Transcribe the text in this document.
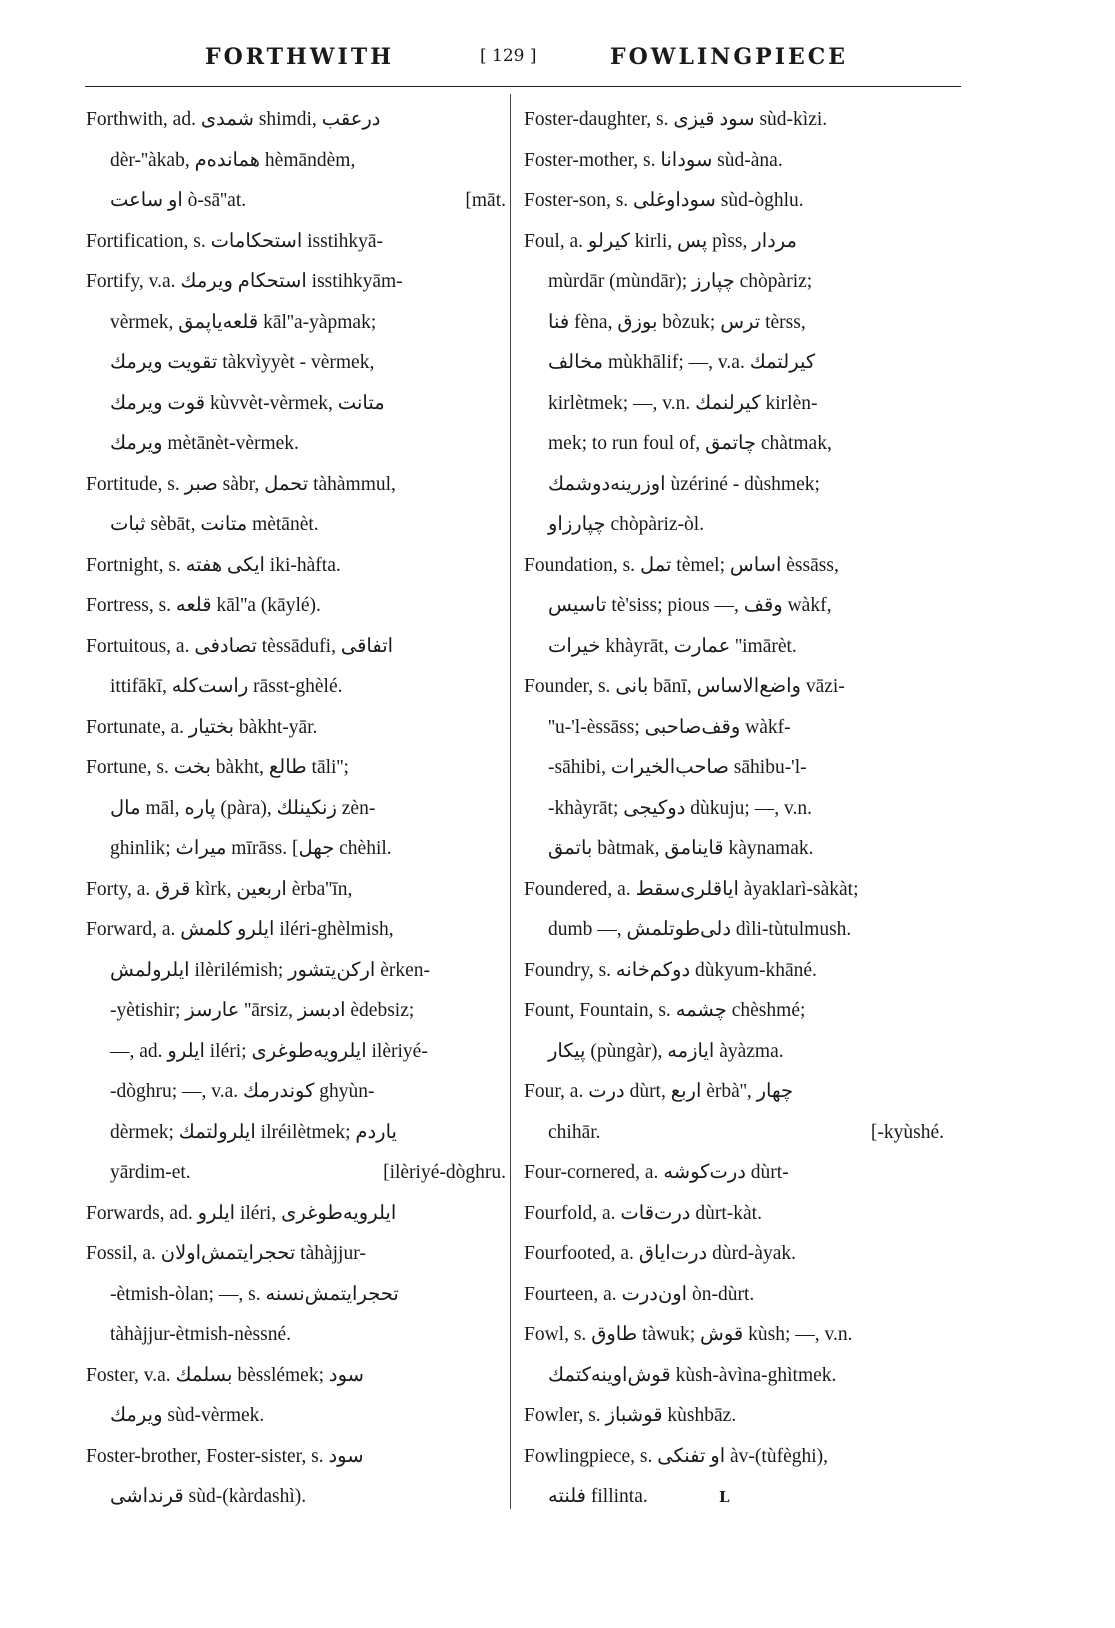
FORTHWITH	[ 129 ]	FOWLINGPIECE
Forthwith, ad. شمدی shimdi, درعقب
dèr-''àkab, همانده‌م hèmāndèm,
[māt.
او ساعت ò-sā''at.
Fortification, s. استحکامات isstihkyā-
Fortify, v.a. استحکام ویرمك isstihkyām-
vèrmek, قلعه‌یاپمق kāl''a-yàpmak;
تقویت ویرمك tàkvìyyèt - vèrmek,
قوت ویرمك kùvvèt-vèrmek, متانت
ویرمك mètānèt-vèrmek.
Fortitude, s. صبر sàbr, تحمل tàhàmmul,
ثبات sèbāt, متانت mètānèt.
Fortnight, s. ایکی هفته iki-hàfta.
Fortress, s. قلعه kāl''a (kāylé).
Fortuitous, a. تصادفی tèssādufi, اتفاقی
ittifākī, راست‌کله rāsst-ghèlé.
Fortunate, a. بختیار bàkht-yār.
Fortune, s. بخت bàkht, طالع tāli'';
مال māl, پاره (pàra), زنکینلك zèn-
ghinlik; میراث mīrāss. [جهل chèhil.
Forty, a. قرق kìrk, اربعین èrba''īn,
Forward, a. ایلرو کلمش iléri-ghèlmish,
ایلرولمش ilèrilémish; ارکن‌یتشور èrken-
-yètishir; عارسز ''ārsiz, ادبسز èdebsiz;
—, ad. ایلرو iléri; ایلرویه‌طوغری ilèriyé-
-dòghru; —, v.a. کوندرمك ghyùn-
dèrmek; ایلرولتمك ilréilètmek; یاردم
[ilèriyé-dòghru.
yārdim-et.
Forwards, ad. ایلرو iléri, ایلرویه‌طوغری
Fossil, a. تحجرایتمش‌اولان tàhàjjur-
-ètmish-òlan; —, s. تحجرایتمش‌نسنه
tàhàjjur-ètmish-nèssné.
Foster, v.a. بسلمك bèsslémek; سود
ویرمك sùd-vèrmek.
Foster-brother, Foster-sister, s. سود
قرنداشی sùd-(kàrdashì).
Foster-daughter, s. سود قیزی sùd-kìzi.
Foster-mother, s. سودانا sùd-àna.
Foster-son, s. سوداوغلی sùd-òghlu.
Foul, a. کیرلو kirli, پس pìss, مردار
mùrdār (mùndār); چپارز chòpàriz;
فنا fèna, بوزق bòzuk; ترس tèrss,
مخالف mùkhālif; —, v.a. کیرلتمك
kirlètmek; —, v.n. کیرلنمك kirlèn-
mek; to run foul of, چاتمق chàtmak,
اوزرینه‌دوشمك ùzériné - dùshmek;
چپارزاو chòpàriz-òl.
Foundation, s. تمل tèmel; اساس èssāss,
تاسیس tè'siss; pious —, وقف wàkf,
خیرات khàyrāt, عمارت ''imārèt.
Founder, s. بانی bānī, واضع‌الاساس vāzi-
''u-'l-èssāss; وقف‌صاحبی wàkf-
-sāhibi, صاحب‌الخیرات sāhibu-'l-
-khàyrāt; دوکیجی dùkuju; —, v.n.
باتمق bàtmak, قاینامق kàynamak.
Foundered, a. ایاقلری‌سقط àyaklarì-sàkàt;
dumb —, دلی‌طوتلمش dìli-tùtulmush.
Foundry, s. دوکم‌خانه dùkyum-khāné.
Fount, Fountain, s. چشمه chèshmé;
پیکار (pùngàr), ایازمه àyàzma.
Four, a. درت dùrt, اربع èrbà'', چهار
[-kyùshé.
chihār.
Four-cornered, a. درت‌کوشه dùrt-
Fourfold, a. درت‌قات dùrt-kàt.
Fourfooted, a. درت‌ایاق dùrd-àyak.
Fourteen, a. اون‌درت òn-dùrt.
Fowl, s. طاوق tàwuk; قوش kùsh; —, v.n.
قوش‌اوینه‌کتمك kùsh-àvìna-ghìtmek.
Fowler, s. قوشباز kùshbāz.
Fowlingpiece, s. او تفنکی àv-(tùfèghi),
فلنته fillinta.	L
